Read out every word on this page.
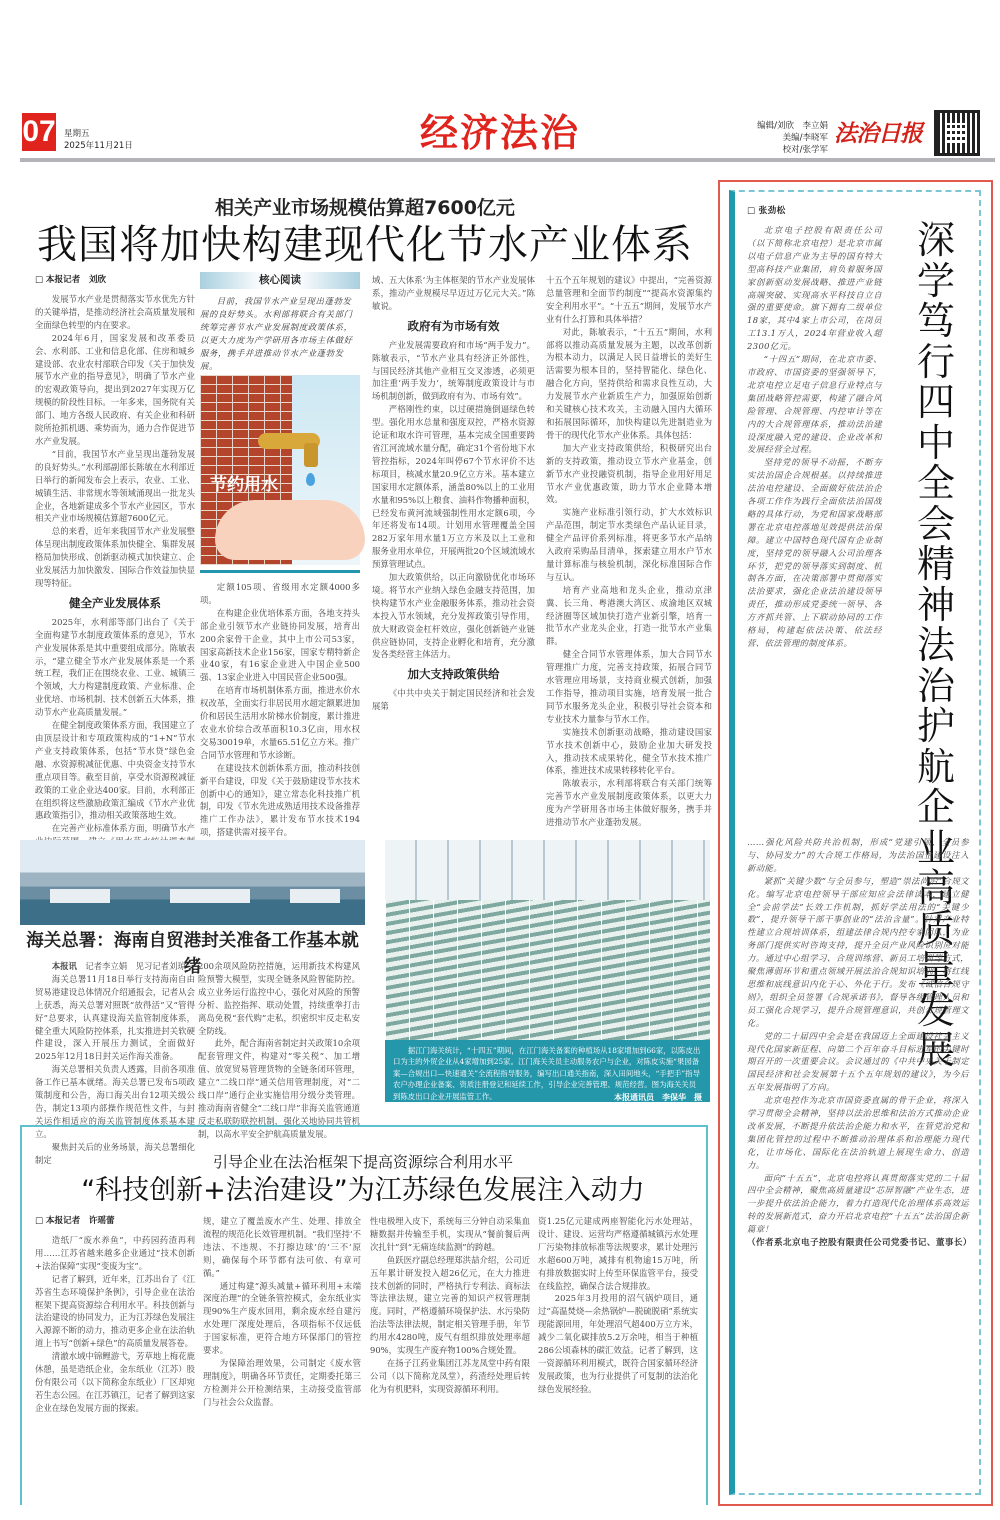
07 星期五
2025年11月21日	经济法治	编辑/刘欣　李立娟
美编/李晓军
校对/张学军
法治日报
相关产业市场规模估算超7600亿元
我国将加快构建现代化节水产业体系
□ 本报记者　刘欣

发展节水产业是贯彻落实节水优先方针的关键举措，是推动经济社会高质量发展和全面绿色转型的内在要求。

2024年6月，国家发展和改革委员会、水利部、工业和信息化部、住房和城乡建设部、农业农村部联合印发《关于加快发展节水产业的指导意见》，明确了节水产业的宏观政策导向，提出到2027年实现万亿规模的阶段性目标。一年多来，国务院有关部门、地方各级人民政府、有关企业和科研院所抢抓机遇、乘势而为，通力合作促进节水产业发展。

“目前，我国节水产业呈现出蓬勃发展的良好势头。”水利部副部长陈敏在水利部近日举行的新闻发布会上表示，农业、工业、城镇生活、非常规水等领域涌现出一批龙头企业，各地新建成多个节水产业园区，节水相关产业市场规模估算超7600亿元。

总的来看，近年来我国节水产业发展整体呈现出制度政策体系加快健全、集群发展格局加快形成、创新驱动模式加快建立、企业发展活力加快激发、国际合作效益加快显现等特征。

健全产业发展体系

2025年，水利部等部门出台了《关于全面构建节水制度政策体系的意见》，节水产业发展体系是其中重要组成部分。陈敏表示，“建立健全节水产业发展体系是一个系统工程，我们正在围绕农业、工业、城镇三个领域，大力构建制度政策、产业标准、企业优培、市场机制、技术创新五大体系，推动节水产业高质量发展。”

在健全制度政策体系方面，我国建立了由顶层设计和专项政策构成的“1+N”节水产业支持政策体系，包括“节水贷”绿色金融、水资源税减征优惠、中央资金支持节水重点项目等。截至目前，享受水资源税减征政策的工业企业达400家。目前，水利部正在组织将这些激励政策汇编成《节水产业优惠政策指引》，推动相关政策落地生效。

在完善产业标准体系方面，明确节水产

核心阅读
目前，我国节水产业呈现出蓬勃发展的良好势头。水利部将联合有关部门统筹完善节水产业发展制度政策体系，以更大力度为产学研用各市场主体做好服务，携手并进推动节水产业蓬勃发展。
节约用水

定额105项、省级用水定额4000多项。

在构建企业优培体系方面，各地支持头部企业引领节水产业链协同发展，培育出200余家骨干企业，其中上市公司53家，国家高新技术企业156家，国家专精特新企业40家，有16家企业进入中国企业500强、13家企业进入中国民营企业500强。

在培育市场机制体系方面，推进水价水权改革，全面实行非居民用水超定额累进加价和居民生活用水阶梯水价制度，累计推进农业水价综合改革面积10.3亿亩，用水权交易30019单，水量65.51亿立方米。推广合同节水管理和节水诊断。

在建设技术创新体系方面，推动科技创新平台建设，印发《关于鼓励建设节水技术创新中心的通知》，建立常态化科技推广机制，印发《节水先进成熟适用技术设备推荐推广工作办法》，累计发布节水技术194项，搭建供需对接平台。

域、五大体系’为主体框架的节水产业发展体系，推动产业规模尽早迈过万亿元大关。”陈敏说。

政府有为市场有效

产业发展需要政府和市场“两手发力”。陈敏表示，“节水产业具有经济正外部性，与国民经济其他产业相互交叉渗透，必须更加注重‘两手发力’，统筹制度政策设计与市场机制创新，做到政府有为、市场有效”。

严格刚性约束，以过硬措施倒逼绿色转型。强化用水总量和强度双控，严格水资源论证和取水许可管理，基本完成全国重要跨省江河流域水量分配，确定31个省份地下水管控指标，2024年叫停67个节水评价不达标项目，核减水量20.9亿立方米。基本建立国家用水定额体系，涵盖80%以上的工业用水量和95%以上粮食、油料作物播种面积，已经发布黄河流域强制性用水定额6项，今年还将发布14项。计划用水管理覆盖全国282万家年用水量1万立方米及以上工业和服务业用水单位，开展两批20个区域流域水预算管理试点。

加大政策供给，以正向激励优化市场环境。将节水产业纳入绿色金融支持范围，加快构建节水产业金融服务体系，推动社会资本投入节水领域，充分发挥政策引导作用，放大财政资金杠杆效应，强化创新链产业链供应链协同，支持企业孵化和培育，充分激发各类经营主体活力。

加大支持政策供给

《中共中央关于制定国民经济和社会发展第

十五个五年规划的建议》中提出，“完善资源总量管理和全面节约制度”“提高水资源集约安全利用水平”。“十五五”期间，发展节水产业有什么打算和具体举措？

对此，陈敏表示，“十五五”期间，水利部将以推动高质量发展为主题，以改革创新为根本动力，以满足人民日益增长的美好生活需要为根本目的，坚持智能化、绿色化、融合化方向，坚持供给和需求良性互动，大力发展节水产业新质生产力，加强原始创新和关键核心技术攻关，主动融入国内大循环和拓展国际循环，加快构建以先进制造业为骨干的现代化节水产业体系。具体包括：

加大产业支持政策供给，积极研究出台新的支持政策，推动设立节水产业基金，创新节水产业投融资机制，指导企业用好用足节水产业优惠政策，助力节水企业降本增效。

实施产业标准引领行动，扩大水效标识产品范围，制定节水类绿色产品认证目录，健全产品评价系列标准，将更多节水产品纳入政府采购品目清单，探索建立用水户节水量计算标准与核验机制，深化标准国际合作与互认。

培育产业高地和龙头企业，推动京津冀、长三角、粤港澳大湾区、成渝地区双城经济圈等区域加快打造产业新引擎，培育一批节水产业龙头企业，打造一批节水产业集群。

健全合同节水管理体系，加大合同节水管理推广力度，完善支持政策，拓展合同节水管理应用场景，支持商业模式创新，加强工作指导，推动项目实施，培育发展一批合同节水服务龙头企业，积极引导社会资本和专业技术力量参与节水工作。

实施技术创新驱动战略，推动建设国家节水技术创新中心，鼓励企业加大研发投入，推动技术成果转化，健全节水技术推广体系，推进技术成果转移转化平台。

陈敏表示，水利部将联合有关部门统筹完善节水产业发展制度政策体系，以更大力度为产学研用各市场主体做好服务，携手并进推动节水产业蓬勃发展。

海关总署：海南自贸港封关准备工作基本就绪

本报讯　 记者李立娟　见习记者刘琼

海关总署11月18日举行支持海南自由贸易港建设总体情况介绍通报会，记者从会上获悉，海关总署对照既“放得活”又“管得好”总要求，认真建设海关监管制度体系，健全重大风险防控体系，扎实推进封关软硬件建设，深入开展压力测试，全面做好2025年12月18日封关运作海关准备。

海关总署相关负责人透露，目前各项准备工作已基本就绪。海关总署已发布5项政策制度和公告，海口海关出台12项关级公告，制定13项内部操作规范性文件，与封关运作相适应的海关监管制度体系基本建立。

聚焦封关后的业务场景，海关总署细化制定

200余项风险防控措施，运用新技术构建风险预警大模型，实现全链条风险智能防控。成立业务运行监控中心，强化对风险的预警分析、监控指挥、联动处置，持续重拳打击离岛免税“套代购”走私，织密织牢反走私安全防线。

此外，配合海南省制定封关政策10余项配套管理文件，构建对“零关税”、加工增值、放宽贸易管理货物的全链条闭环管理，建立“二线口岸”通关信用管理制度，对“二线口岸”通行企业实施信用分级分类管理。推动海南省健全“二线口岸”非海关监管通道反走私联防联控机制，强化关地协同共管机制，以高水平安全护航高质量发展。

据江门海关统计，“十四五”期间，在江门海关备案的种植场从18家增加到66家，以陈皮出口为主的外贸企业从4家增加到25家。江门海关关员主动服务农户与企业，对陈皮实施“果园备案—合规出口—快速通关”全流程指导服务，编写出口通关指南，深入田间地头，“手把手”指导农户办理企业备案、资质注册登记和延续工作，引导企业完善管理、规范经营。图为海关关员到陈皮出口企业开展监管工作。	本报通讯员　李保华　摄
引导企业在法治框架下提高资源综合利用水平
“科技创新+法治建设”为江苏绿色发展注入动力
□ 本报记者　许瑶蕾

造纸厂“废水养鱼”，中药园药渣再利用……江苏省越来越多企业通过“技术创新+法治保障”实现“变废为宝”。

记者了解到，近年来，江苏出台了《江苏省生态环境保护条例》，引导企业在法治框架下提高资源综合利用水平。科技创新与法治建设的协同发力，正为江苏绿色发展注入源源不断的动力，推动更多企业在法治轨道上书写“创新+绿色”的高质量发展答卷。

清澈水域中锦鲤游弋，芳草地上梅花鹿休憩，虽是造纸企业，金东纸业（江苏）股份有限公司（以下简称金东纸业）厂区却宛若生态公园。在江苏镇江，记者了解到这家企业在绿色发展方面的探索。

规，建立了覆盖废水产生、处理、排放全流程的规范化长效管理机制。“我们坚持‘不违法、不违规、不打擦边球’的‘三不’原则，确保每个环节都有法可依、有章可循。”

通过构建“源头减量+循环利用+末端深度治理”的全链条管控模式，金东纸业实现90%生产废水回用，剩余废水经自建污水处理厂深度处理后，各项指标不仅远低于国家标准，更符合地方环保部门的管控要求。

为保障治理效果，公司制定《废水管理制度》，明确各环节责任，定期委托第三方检测并公开检测结果，主动接受监管部门与社会公众监督。

性电极埋入皮下，系统每三分钟自动采集血糖数据并传输至手机，实现从“餐前餐后两次扎针”到“无痛连续监测”的跨越。

鱼跃医疗副总经理郑洪喆介绍，公司近五年累计研发投入超26亿元，在大力推进技术创新的同时，严格执行专利法、商标法等法律法规，建立完善的知识产权管理制度。同时，严格遵循环境保护法、水污染防治法等法律法规，制定相关管理手册，年节约用水4280吨，废气有组织排放处理率超90%，实现生产废弃物100%合规处置。

在扬子江药业集团江苏龙凤堂中药有限公司（以下简称龙凤堂），药渣经处理后转化为有机肥料，实现资源循环利用。

资1.25亿元建成两座智能化污水处理站，设计、建设、运营均严格遵循城镇污水处理厂污染物排放标准等法规要求，累计处理污水超600万吨，减排有机物逾15万吨，所有排放数据实时上传至环保监管平台，接受在线监控，确保合法合规排放。

2025年3月投用的沼气锅炉项目，通过“高温焚烧—余热锅炉—脱硫脱硝”系统实现能源回用，年处理沼气超400万立方米，减少二氧化碳排放5.2万余吨，相当于种植286公顷森林的碳汇效益。记者了解到，这一资源循环利用模式，既符合国家循环经济发展政策，也为行业提供了可复制的法治化绿色发展经验。

深学笃行四中全会精神　法治护航企业高质量发展
□ 张劲松

北京电子控股有限责任公司（以下简称北京电控）是北京市属以电子信息产业为主导的国有特大型高科技产业集团，肩负着服务国家创新驱动发展战略、推进产业链高端突破、实现高水平科技自立自强的重要使命。旗下拥有二级单位18家，其中4家上市公司，在岗员工13.1万人，2024年营业收入超2300亿元。

“十四五”期间，在北京市委、市政府、市国资委的坚强领导下，北京电控立足电子信息行业特点与集团战略管控需要，构建了融合风险管理、合规管理、内控审计等在内的大合规管理体系，推动法治建设深度融入党的建设、企业改革和发展经营全过程。

坚持党的领导不动摇，不断夯实法治国企合规根基。以持续推进法治电控建设、全面做好依法治企各项工作作为践行全面依法治国战略的具体行动，为党和国家战略部署在北京电控落地见效提供法治保障。建立中国特色现代国有企业制度，坚持党的领导融入公司治理各环节，把党的领导落实到制度、机制各方面，在决策部署中贯彻落实法治要求，强化企业法治建设领导责任，推动形成党委统一领导、各方齐抓共管、上下联动协同的工作格局，构建起依法决策、依法经营、依法管理的制度体系。

……强化风险共防共治机制，形成“党建引领、全员参与、协同发力”的大合规工作格局，为法治国企建设注入新动能。

紧抓“关键少数”与全员参与，塑造“崇法尚治”合规文化。编写北京电控领导干部应知应会法律读本，建立健全“会前学法”长效工作机制，抓好学法用法的“关键少数”，提升领导干部干事创业的“法治含量”。针对产业特性建立合规培训体系，组建法律合规内控专家团队，为业务部门提供实时咨询支持，提升全员产业风险识别应对能力。通过中心组学习、合规训练营、新员工培训等方式，聚焦薄弱环节和重点领域开展法治合规知识培训，将红线思维和底线意识内化于心、外化于行。发布《诚信合规守则》，组织全员签署《合规承诺书》，督导各级管理人员和员工强化合规学习，提升合规管理意识，共创合规管理文化。

党的二十届四中全会是在我国迈上全面建设社会主义现代化国家新征程、向第二个百年奋斗目标进军的关键时期召开的一次重要会议。会议通过的《中共中央关于制定国民经济和社会发展第十五个五年规划的建议》，为今后五年发展指明了方向。

北京电控作为北京市国资委直属的骨干企业，将深入学习贯彻全会精神，坚持以法治思维和法治方式推动企业改革发展，不断提升依法治企能力和水平，在管党治党和集团化管控的过程中不断推动治理体系和治理能力现代化，让市场化、国际化在法治轨道上展现生命力、创造力。

面向“十五五”，北京电控将认真贯彻落实党的二十届四中全会精神，聚焦高质量建设“芯屏智融”产业生态，进一步提升依法治企能力，着力打造现代化治理体系高效运转的发展新范式，奋力开启北京电控“十五五”法治国企新篇章！

（作者系北京电子控股有限责任公司党委书记、董事长）
